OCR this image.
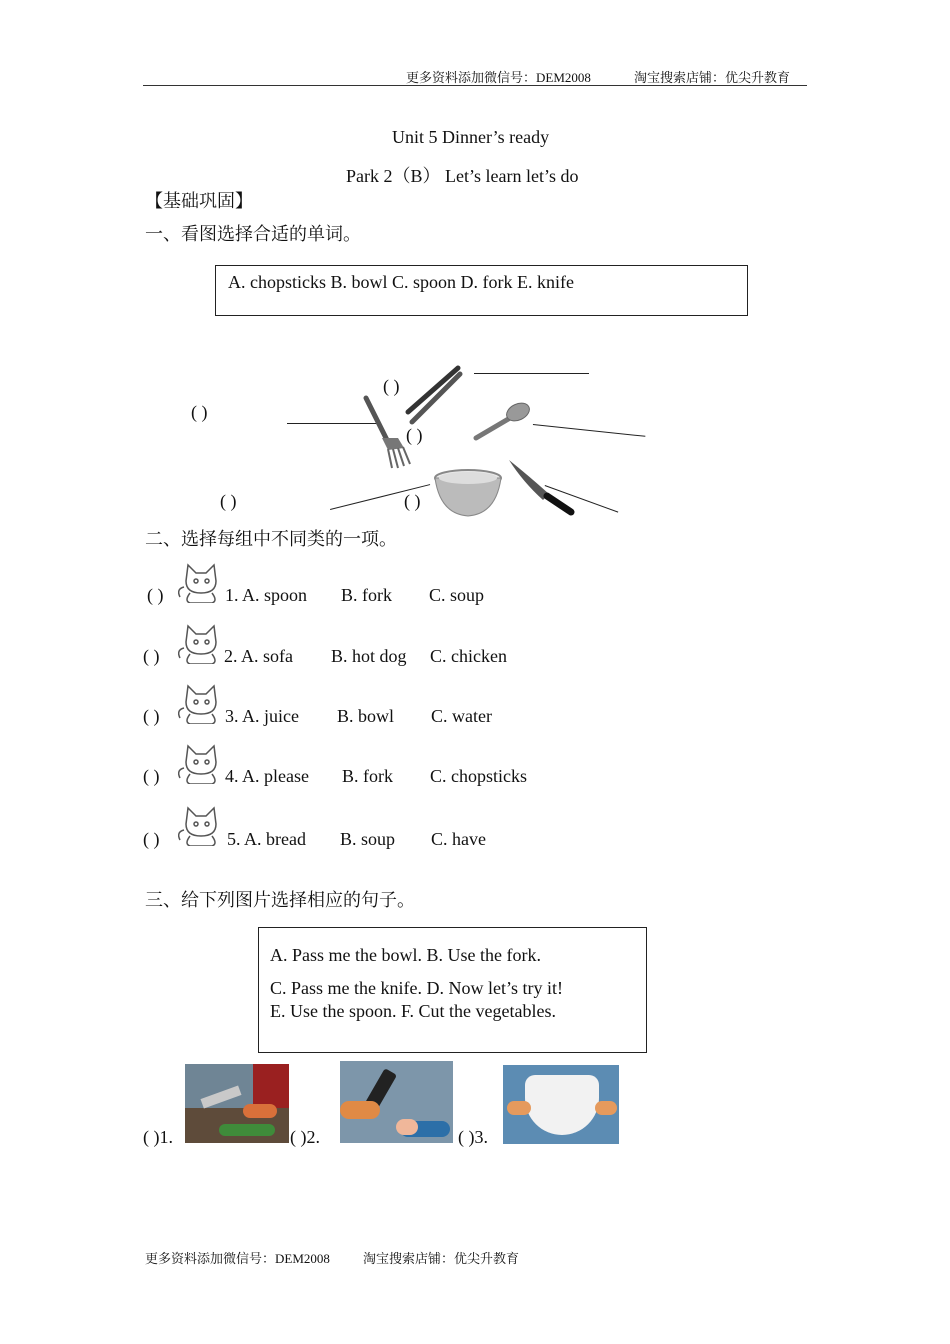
更多资料添加微信号：DEM2008	淘宝搜索店铺：优尖升教育
Unit 5 Dinner’s ready
Park 2（B） Let’s learn let’s do
【基础巩固】
一、看图选择合适的单词。
A. chopsticks B. bowl C. spoon D. fork E. knife
( )
( )
( )
( )	( )
二、选择每组中不同类的一项。
( )	1. A. spoon B. fork C. soup
( )	2. A. sofa B. hot dog C. chicken
( )	3. A. juice B. bowl C. water
( )	4. A. please B. fork C. chopsticks
( )	5. A. bread B. soup C. have
三、给下列图片选择相应的句子。
A. Pass me the bowl. B. Use the fork.
C. Pass me the knife. D. Now let’s try it!
E. Use the spoon. F. Cut the vegetables.
( )1.	( )2.	( )3.
更多资料添加微信号：DEM2008	淘宝搜索店铺：优尖升教育
